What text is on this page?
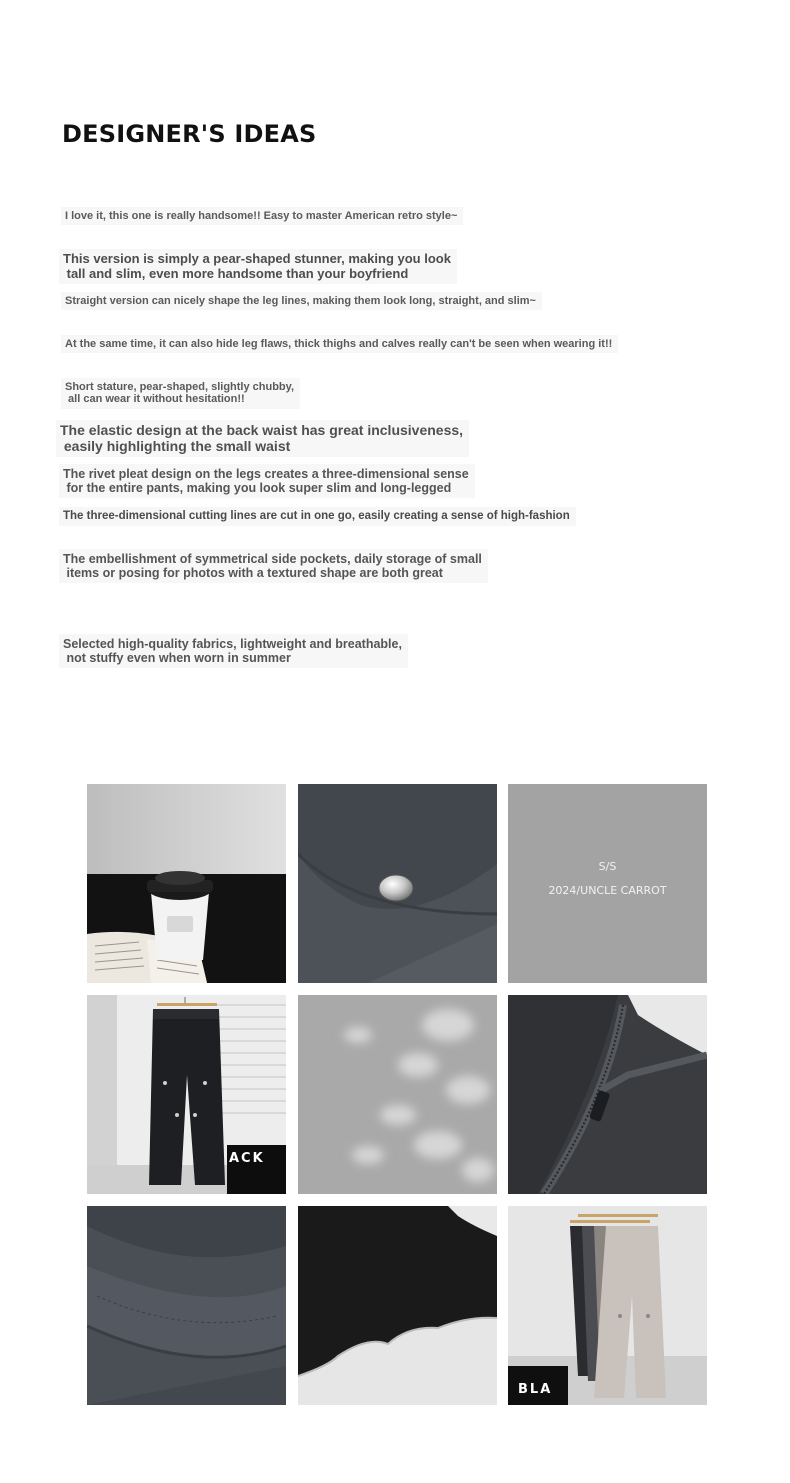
DESIGNER'S IDEAS
I love it, this one is really handsome!! Easy to master American retro style~
This version is simply a pear-shaped stunner, making you look
tall and slim, even more handsome than your boyfriend
Straight version can nicely shape the leg lines, making them look long, straight, and slim~
At the same time, it can also hide leg flaws, thick thighs and calves really can't be seen when wearing it!!
Short stature, pear-shaped, slightly chubby,
all can wear it without hesitation!!
The elastic design at the back waist has great inclusiveness,
easily highlighting the small waist
The rivet pleat design on the legs creates a three-dimensional sense
for the entire pants, making you look super slim and long-legged
The three-dimensional cutting lines are cut in one go, easily creating a sense of high-fashion
The embellishment of symmetrical side pockets, daily storage of small
items or posing for photos with a textured shape are both great
Selected high-quality fabrics, lightweight and breathable,
not stuffy even when worn in summer
S/S
2024/UNCLE CARROT
ACK
BLA
